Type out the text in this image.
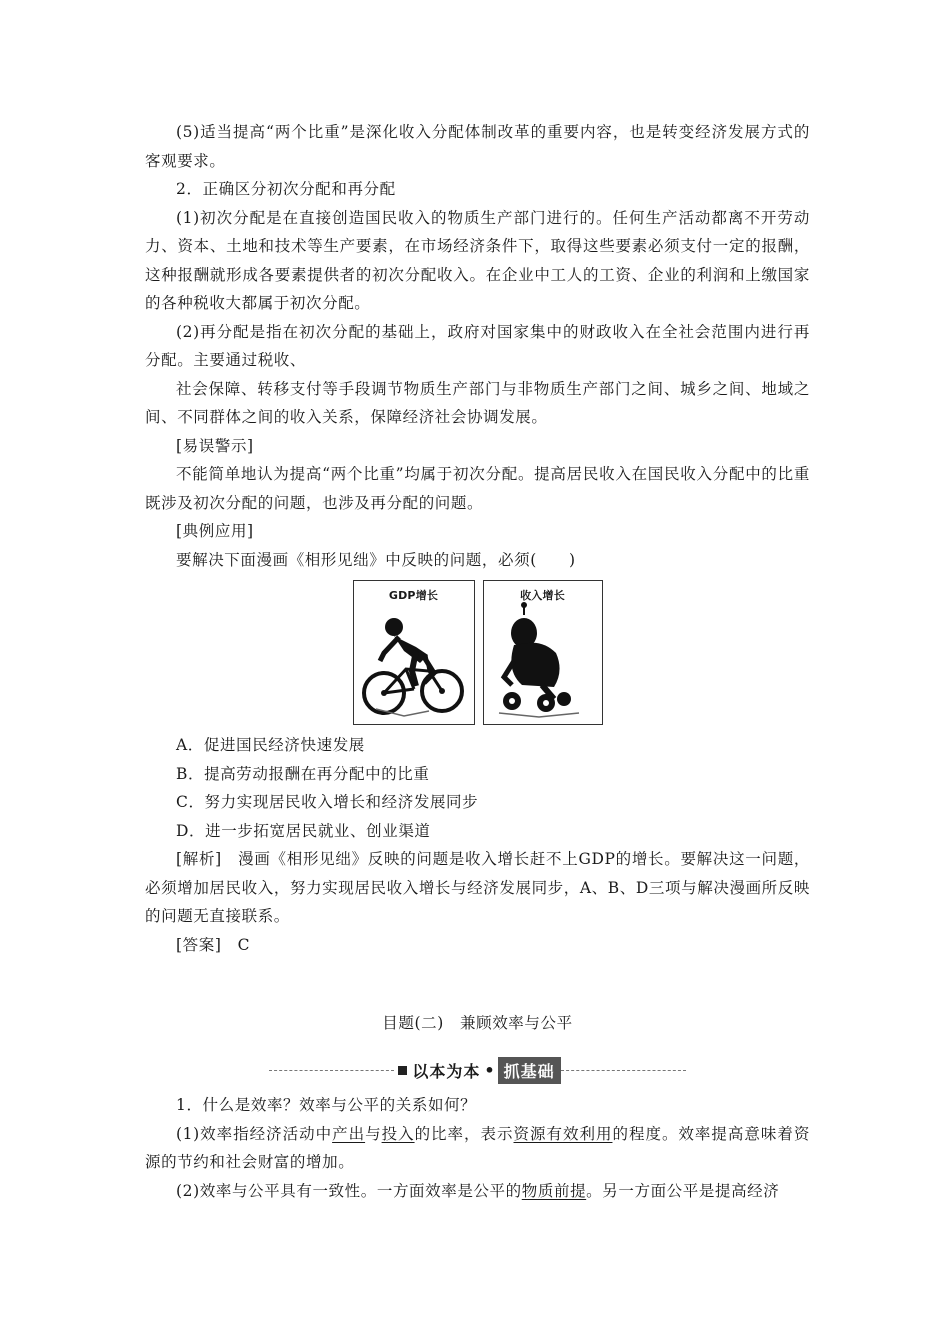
(5)适当提高“两个比重”是深化收入分配体制改革的重要内容，也是转变经济发展方式的客观要求。

2．正确区分初次分配和再分配

(1)初次分配是在直接创造国民收入的物质生产部门进行的。任何生产活动都离不开劳动力、资本、土地和技术等生产要素，在市场经济条件下，取得这些要素必须支付一定的报酬，这种报酬就形成各要素提供者的初次分配收入。在企业中工人的工资、企业的利润和上缴国家的各种税收大都属于初次分配。

(2)再分配是指在初次分配的基础上，政府对国家集中的财政收入在全社会范围内进行再分配。主要通过税收、

社会保障、转移支付等手段调节物质生产部门与非物质生产部门之间、城乡之间、地域之间、不同群体之间的收入关系，保障经济社会协调发展。

[易误警示]

不能简单地认为提高“两个比重”均属于初次分配。提高居民收入在国民收入分配中的比重既涉及初次分配的问题，也涉及再分配的问题。

[典例应用]

要解决下面漫画《相形见绌》中反映的问题，必须(　　)

GDP增长	收入增长

A．促进国民经济快速发展

B．提高劳动报酬在再分配中的比重

C．努力实现居民收入增长和经济发展同步

D．进一步拓宽居民就业、创业渠道

[解析]　漫画《相形见绌》反映的问题是收入增长赶不上GDP的增长。要解决这一问题，必须增加居民收入，努力实现居民收入增长与经济发展同步，A、B、D三项与解决漫画所反映的问题无直接联系。

[答案]　C

目题(二)　兼顾效率与公平

以本为本 • 抓基础

1．什么是效率？效率与公平的关系如何？

(1)效率指经济活动中产出与投入的比率，表示资源有效利用的程度。效率提高意味着资源的节约和社会财富的增加。

(2)效率与公平具有一致性。一方面效率是公平的物质前提。另一方面公平是提高经济
